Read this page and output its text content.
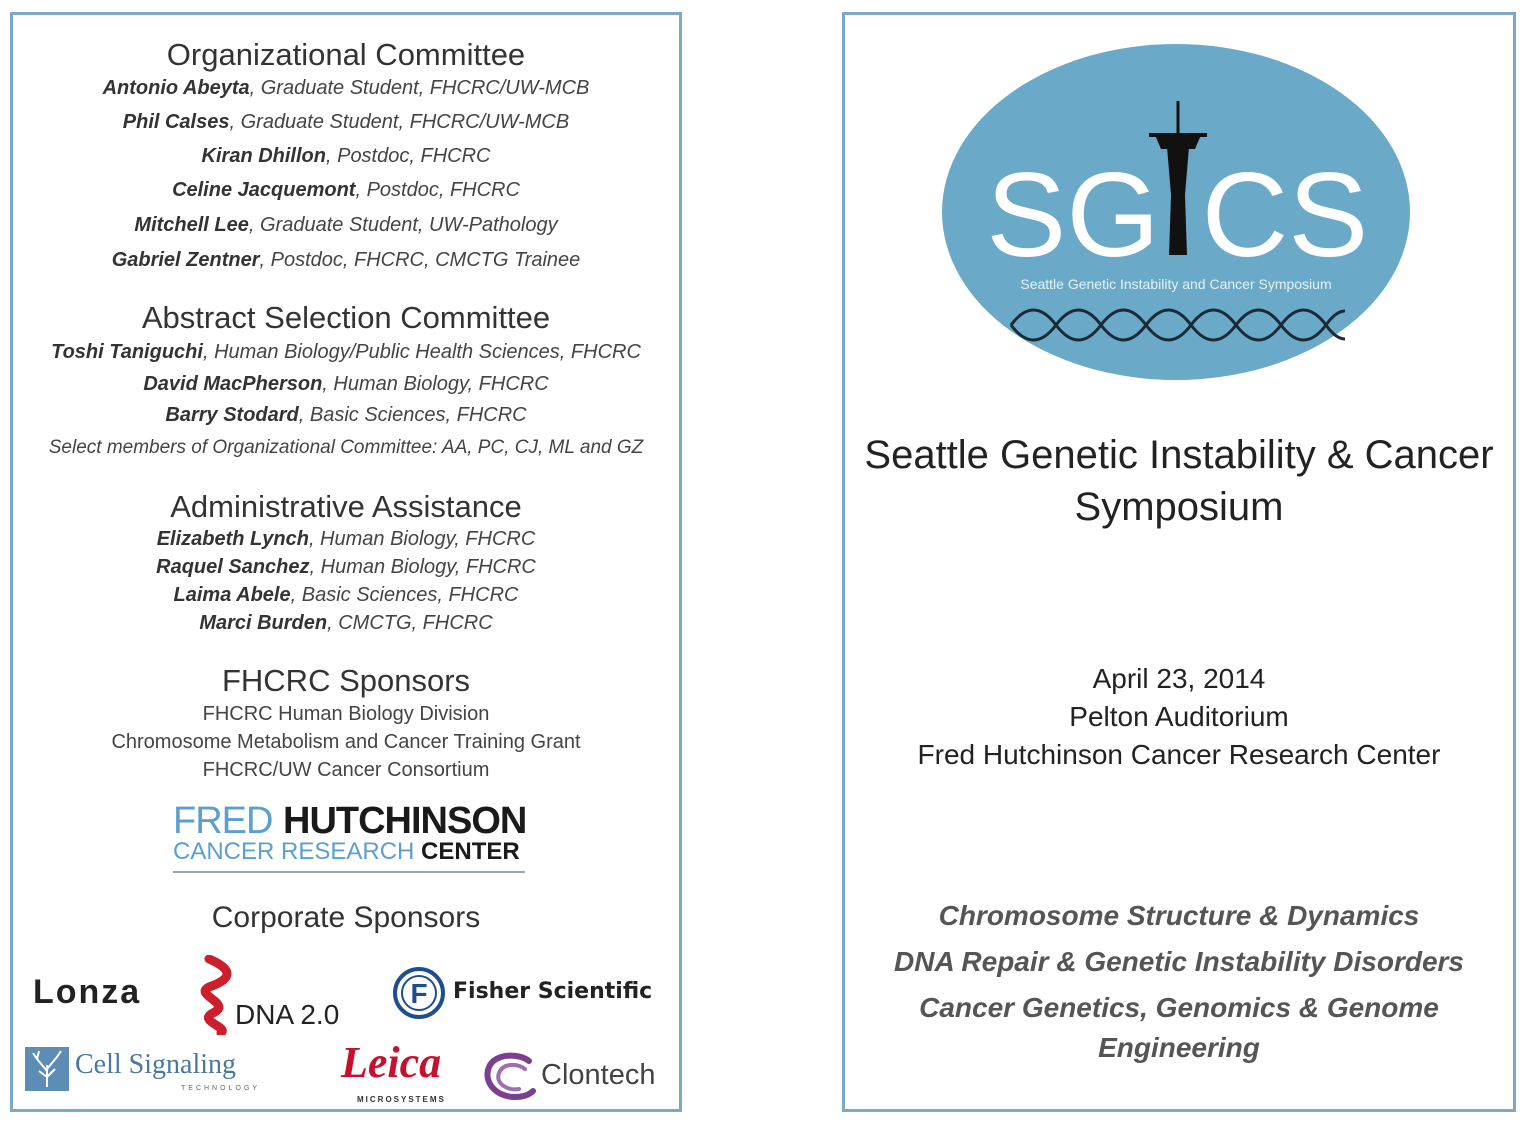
Organizational Committee
Antonio Abeyta, Graduate Student, FHCRC/UW-MCB
Phil Calses, Graduate Student, FHCRC/UW-MCB
Kiran Dhillon, Postdoc, FHCRC
Celine Jacquemont, Postdoc, FHCRC
Mitchell Lee, Graduate Student, UW-Pathology
Gabriel Zentner, Postdoc, FHCRC, CMCTG Trainee
Abstract Selection Committee
Toshi Taniguchi, Human Biology/Public Health Sciences, FHCRC
David MacPherson, Human Biology, FHCRC
Barry Stodard, Basic Sciences, FHCRC
Select members of Organizational Committee: AA, PC, CJ, ML and GZ
Administrative Assistance
Elizabeth Lynch, Human Biology, FHCRC
Raquel Sanchez, Human Biology, FHCRC
Laima Abele, Basic Sciences, FHCRC
Marci Burden, CMCTG, FHCRC
FHCRC Sponsors
FHCRC Human Biology Division
Chromosome Metabolism and Cancer Training Grant
FHCRC/UW Cancer Consortium
FRED HUTCHINSON
CANCER RESEARCH CENTER
Corporate Sponsors
Lonza
DNA 2.0
F Fisher Scientific
Cell Signaling
TECHNOLOGY
Leica
MICROSYSTEMS
Clontech
SG CS
Seattle Genetic Instability and Cancer Symposium
Seattle Genetic Instability & Cancer
Symposium
April 23, 2014
Pelton Auditorium
Fred Hutchinson Cancer Research Center
Chromosome Structure & Dynamics
DNA Repair & Genetic Instability Disorders
Cancer Genetics, Genomics & Genome
Engineering
